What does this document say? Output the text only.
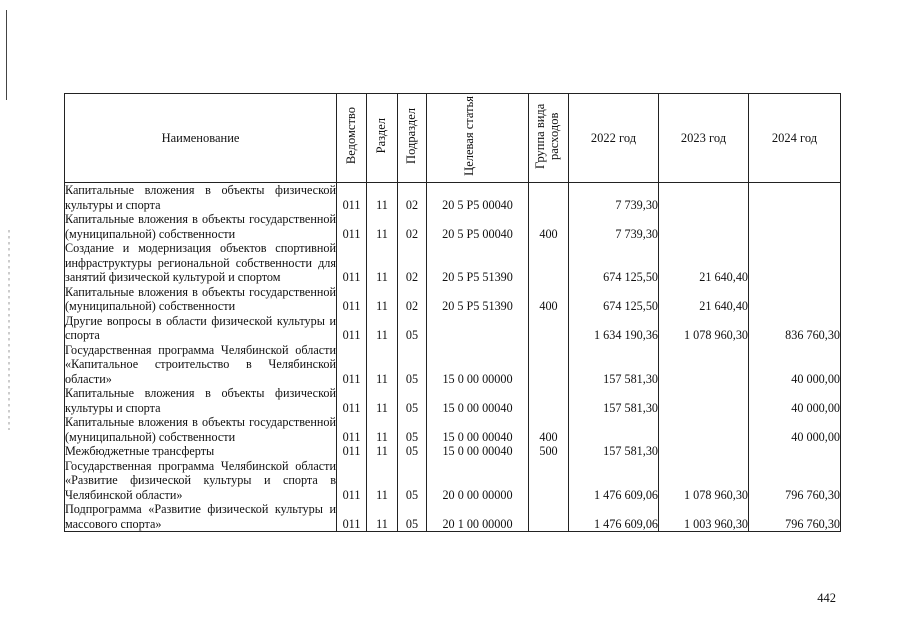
Наименование	Ведомство	Раздел	Подраздел	Целевая статья	Группа вида расходов	2022 год	2023 год	2024 год
Капитальные вложения в объекты физической культуры и спорта	011	11	02	20 5 P5 00040		7 739,30		
Капитальные вложения в объекты государственной (муниципальной) собственности	011	11	02	20 5 P5 00040	400	7 739,30		
Создание и модернизация объектов спортивной инфраструктуры региональной собственности для занятий физической культурой и спортом	011	11	02	20 5 P5 51390		674 125,50	21 640,40	
Капитальные вложения в объекты государственной (муниципальной) собственности	011	11	02	20 5 P5 51390	400	674 125,50	21 640,40	
Другие вопросы в области физической культуры и спорта	011	11	05			1 634 190,36	1 078 960,30	836 760,30
Государственная программа Челябинской области «Капитальное строительство в Челябинской области»	011	11	05	15 0 00 00000		157 581,30		40 000,00
Капитальные вложения в объекты физической культуры и спорта	011	11	05	15 0 00 00040		157 581,30		40 000,00
Капитальные вложения в объекты государственной (муниципальной) собственности	011	11	05	15 0 00 00040	400			40 000,00
Межбюджетные трансферты	011	11	05	15 0 00 00040	500	157 581,30		
Государственная программа Челябинской области «Развитие физической культуры и спорта в Челябинской области»	011	11	05	20 0 00 00000		1 476 609,06	1 078 960,30	796 760,30
Подпрограмма «Развитие физической культуры и массового спорта»	011	11	05	20 1 00 00000		1 476 609,06	1 003 960,30	796 760,30
442
